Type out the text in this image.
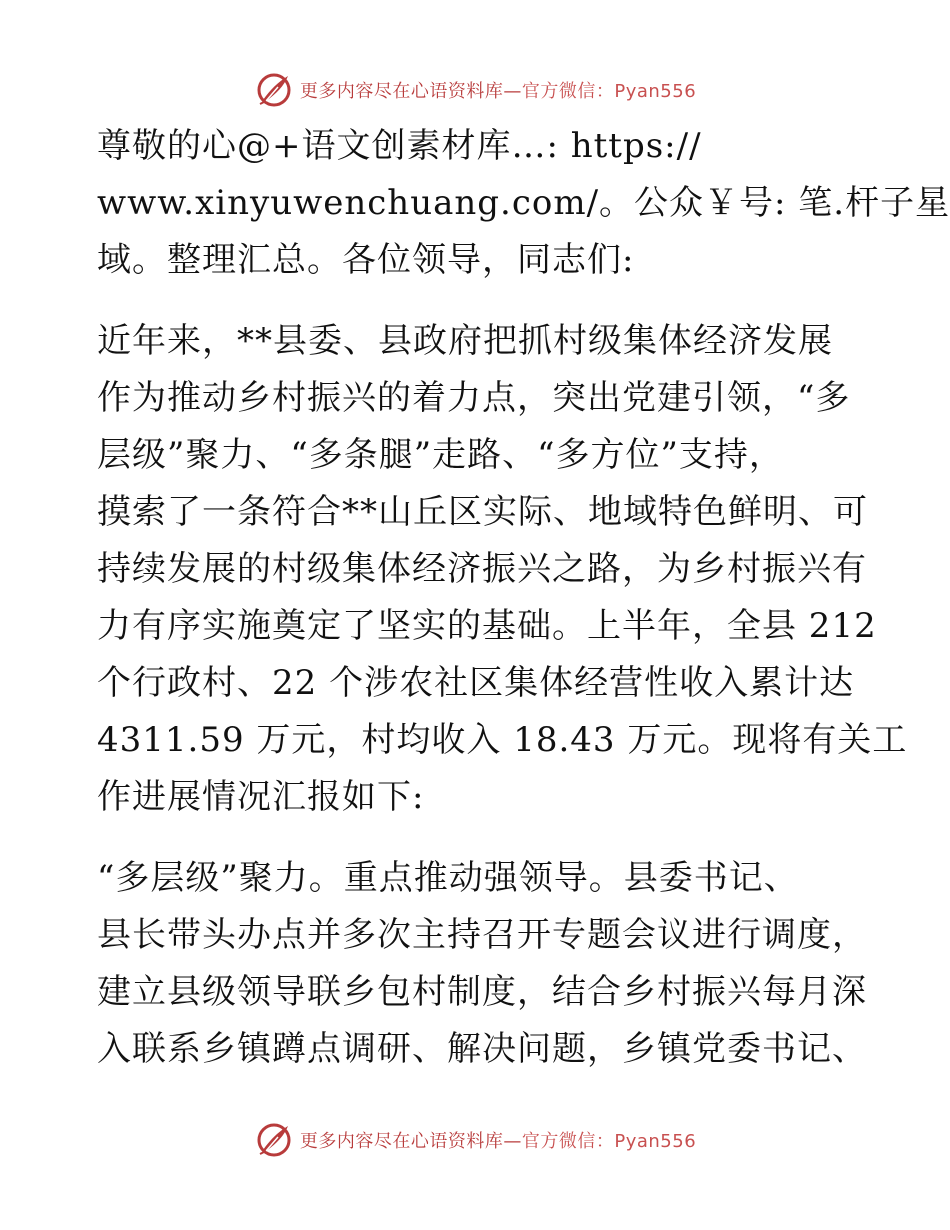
更多内容尽在心语资料库—官方微信：Pyan556
尊敬的心@+语文创素材库…: https://
www.xinyuwenchuang.com/。公众￥号: 笔.杆子星
域。整理汇总。各位领导，同志们:
近年来，**县委、县政府把抓村级集体经济发展
作为推动乡村振兴的着力点，突出党建引领，“多
层级”聚力、“多条腿”走路、“多方位”支持，
摸索了一条符合**山丘区实际、地域特色鲜明、可
持续发展的村级集体经济振兴之路，为乡村振兴有
力有序实施奠定了坚实的基础。上半年，全县 212
个行政村、22 个涉农社区集体经营性收入累计达
4311.59 万元，村均收入 18.43 万元。现将有关工
作进展情况汇报如下:
“多层级”聚力。重点推动强领导。县委书记、
县长带头办点并多次主持召开专题会议进行调度，
建立县级领导联乡包村制度，结合乡村振兴每月深
入联系乡镇蹲点调研、解决问题，乡镇党委书记、
更多内容尽在心语资料库—官方微信：Pyan556
